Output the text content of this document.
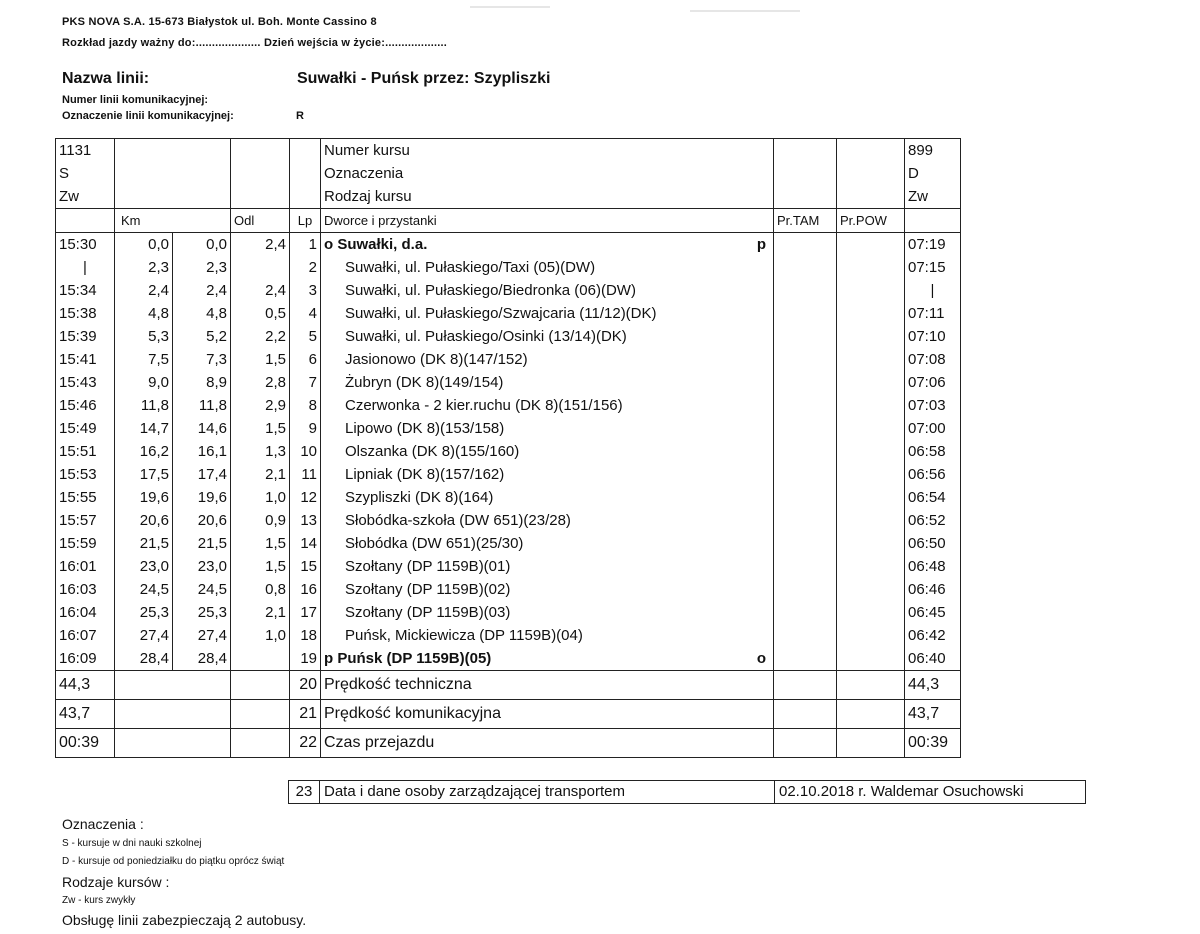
PKS NOVA S.A. 15-673 Białystok ul. Boh. Monte Cassino 8
Rozkład jazdy ważny do:.................... Dzień wejścia w życie:...................
Nazwa linii:	Suwałki - Puńsk przez: Szypliszki
Numer linii komunikacyjnej:
Oznaczenie linii komunikacyjnej:	R
1131					Numer kursu			899
S					Oznaczenia			D
Zw					Rodzaj kursu			Zw
	Km		Odl	Lp	Dworce i przystanki	Pr.TAM	Pr.POW	
15:30	0,0	0,0	2,4	1	o Suwałki, d.a. p			07:19
|	2,3	2,3		2	Suwałki, ul. Pułaskiego/Taxi (05)(DW)			07:15
15:34	2,4	2,4	2,4	3	Suwałki, ul. Pułaskiego/Biedronka (06)(DW)			|
15:38	4,8	4,8	0,5	4	Suwałki, ul. Pułaskiego/Szwajcaria (11/12)(DK)			07:11
15:39	5,3	5,2	2,2	5	Suwałki, ul. Pułaskiego/Osinki (13/14)(DK)			07:10
15:41	7,5	7,3	1,5	6	Jasionowo (DK 8)(147/152)			07:08
15:43	9,0	8,9	2,8	7	Żubryn (DK 8)(149/154)			07:06
15:46	11,8	11,8	2,9	8	Czerwonka - 2 kier.ruchu (DK 8)(151/156)			07:03
15:49	14,7	14,6	1,5	9	Lipowo (DK 8)(153/158)			07:00
15:51	16,2	16,1	1,3	10	Olszanka (DK 8)(155/160)			06:58
15:53	17,5	17,4	2,1	11	Lipniak (DK 8)(157/162)			06:56
15:55	19,6	19,6	1,0	12	Szypliszki (DK 8)(164)			06:54
15:57	20,6	20,6	0,9	13	Słobódka-szkoła (DW 651)(23/28)			06:52
15:59	21,5	21,5	1,5	14	Słobódka (DW 651)(25/30)			06:50
16:01	23,0	23,0	1,5	15	Szołtany (DP 1159B)(01)			06:48
16:03	24,5	24,5	0,8	16	Szołtany (DP 1159B)(02)			06:46
16:04	25,3	25,3	2,1	17	Szołtany (DP 1159B)(03)			06:45
16:07	27,4	27,4	1,0	18	Puńsk, Mickiewicza (DP 1159B)(04)			06:42
16:09	28,4	28,4		19	p Puńsk (DP 1159B)(05) o			06:40
44,3				20	Prędkość techniczna			44,3
43,7				21	Prędkość komunikacyjna			43,7
00:39				22	Czas przejazdu			00:39
23	Data i dane osoby zarządzającej transportem	02.10.2018 r. Waldemar Osuchowski
Oznaczenia :
S - kursuje w dni nauki szkolnej
D - kursuje od poniedziałku do piątku oprócz świąt
Rodzaje kursów :
Zw - kurs zwykły
Obsługę linii zabezpieczają 2 autobusy.
